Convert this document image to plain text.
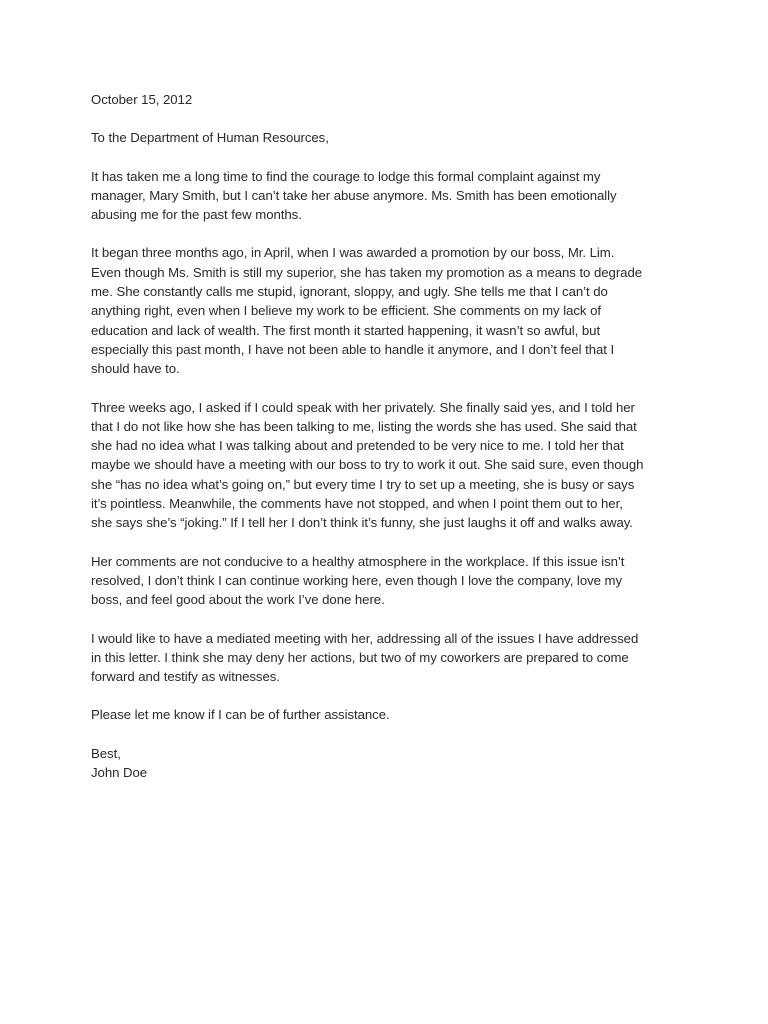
October 15, 2012

To the Department of Human Resources,

It has taken me a long time to find the courage to lodge this formal complaint against my
manager, Mary Smith, but I can’t take her abuse anymore. Ms. Smith has been emotionally
abusing me for the past few months.
It began three months ago, in April, when I was awarded a promotion by our boss, Mr. Lim.
Even though Ms. Smith is still my superior, she has taken my promotion as a means to degrade
me. She constantly calls me stupid, ignorant, sloppy, and ugly. She tells me that I can’t do
anything right, even when I believe my work to be efficient. She comments on my lack of
education and lack of wealth. The first month it started happening, it wasn’t so awful, but
especially this past month, I have not been able to handle it anymore, and I don’t feel that I
should have to.
Three weeks ago, I asked if I could speak with her privately. She finally said yes, and I told her
that I do not like how she has been talking to me, listing the words she has used. She said that
she had no idea what I was talking about and pretended to be very nice to me. I told her that
maybe we should have a meeting with our boss to try to work it out. She said sure, even though
she “has no idea what’s going on,” but every time I try to set up a meeting, she is busy or says
it’s pointless. Meanwhile, the comments have not stopped, and when I point them out to her,
she says she’s “joking.” If I tell her I don’t think it’s funny, she just laughs it off and walks away.
Her comments are not conducive to a healthy atmosphere in the workplace. If this issue isn’t
resolved, I don’t think I can continue working here, even though I love the company, love my
boss, and feel good about the work I’ve done here.
I would like to have a mediated meeting with her, addressing all of the issues I have addressed
in this letter. I think she may deny her actions, but two of my coworkers are prepared to come
forward and testify as witnesses.
Please let me know if I can be of further assistance.

Best,

John Doe
